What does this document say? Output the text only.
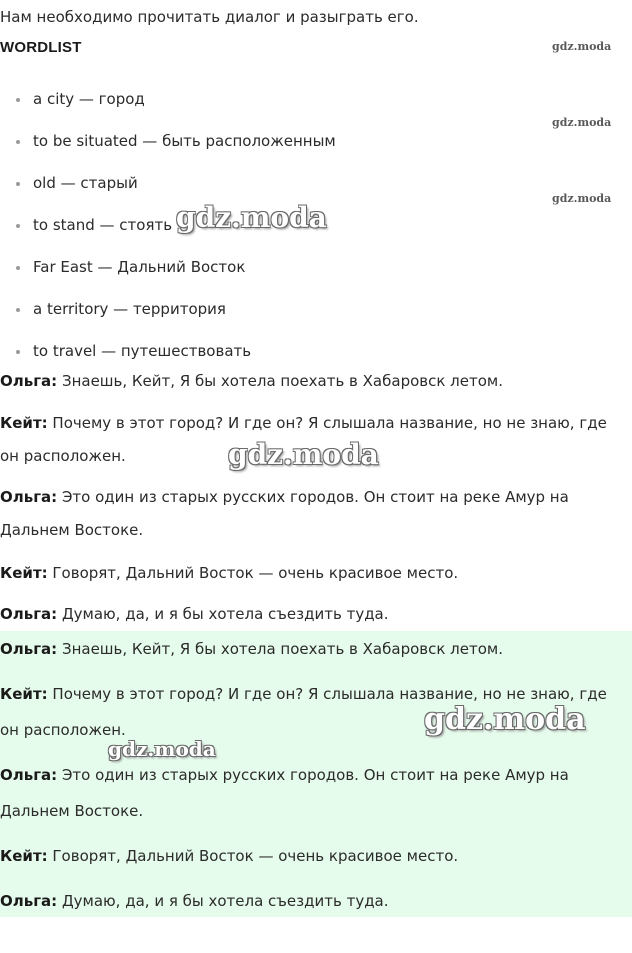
Нам необходимо прочитать диалог и разыграть его.

WORDLIST

a city — город
to be situated — быть расположенным
old — старый
to stand — стоять
Far East — Дальний Восток
a territory — территория
to travel — путешествовать

Ольга: Знаешь, Кейт, Я бы хотела поехать в Хабаровск летом.

Кейт: Почему в этот город? И где он? Я слышала название, но не знаю, где он расположен.

Ольга: Это один из старых русских городов. Он стоит на реке Амур на Дальнем Востоке.

Кейт: Говорят, Дальний Восток — очень красивое место.

Ольга: Думаю, да, и я бы хотела съездить туда.

Ольга: Знаешь, Кейт, Я бы хотела поехать в Хабаровск летом.

Кейт: Почему в этот город? И где он? Я слышала название, но не знаю, где он расположен.

Ольга: Это один из старых русских городов. Он стоит на реке Амур на Дальнем Востоке.

Кейт: Говорят, Дальний Восток — очень красивое место.

Ольга: Думаю, да, и я бы хотела съездить туда.

gdz.moda
gdz.moda
gdz.moda
gdz.moda
gdz.moda
gdz.moda
gdz.moda
